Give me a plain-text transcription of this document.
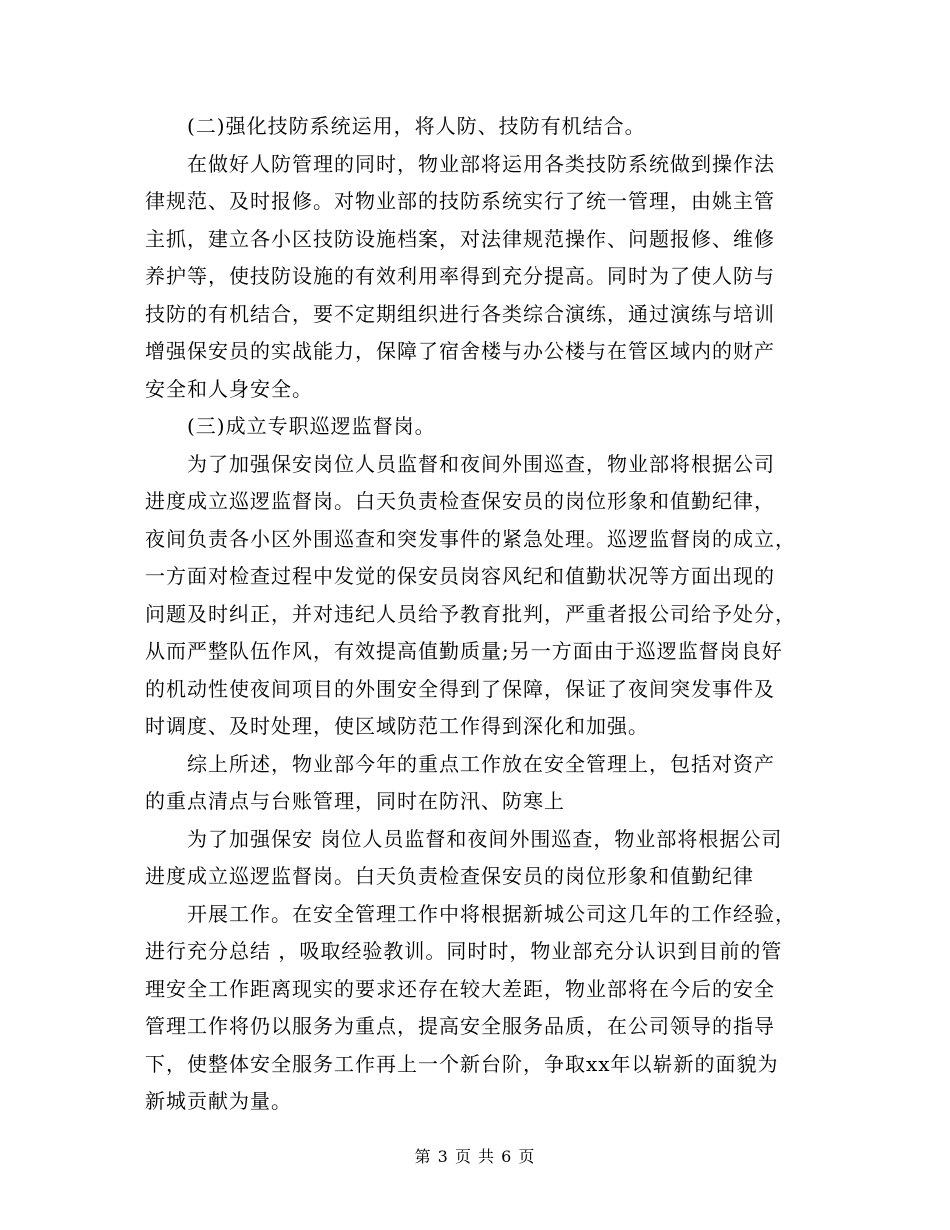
(二)强化技防系统运用，将人防、技防有机结合。
在做好人防管理的同时，物业部将运用各类技防系统做到操作法
律规范、及时报修。对物业部的技防系统实行了统一管理，由姚主管
主抓，建立各小区技防设施档案，对法律规范操作、问题报修、维修
养护等，使技防设施的有效利用率得到充分提高。同时为了使人防与
技防的有机结合，要不定期组织进行各类综合演练，通过演练与培训
增强保安员的实战能力，保障了宿舍楼与办公楼与在管区域内的财产
安全和人身安全。
(三)成立专职巡逻监督岗。
为了加强保安岗位人员监督和夜间外围巡查，物业部将根据公司
进度成立巡逻监督岗。白天负责检查保安员的岗位形象和值勤纪律，
夜间负责各小区外围巡查和突发事件的紧急处理。巡逻监督岗的成立，
一方面对检查过程中发觉的保安员岗容风纪和值勤状况等方面出现的
问题及时纠正，并对违纪人员给予教育批判，严重者报公司给予处分，
从而严整队伍作风，有效提高值勤质量;另一方面由于巡逻监督岗良好
的机动性使夜间项目的外围安全得到了保障，保证了夜间突发事件及
时调度、及时处理，使区域防范工作得到深化和加强。
综上所述，物业部今年的重点工作放在安全管理上，包括对资产
的重点清点与台账管理，同时在防汛、防寒上
为了加强保安 岗位人员监督和夜间外围巡查，物业部将根据公司
进度成立巡逻监督岗。白天负责检查保安员的岗位形象和值勤纪律
开展工作。在安全管理工作中将根据新城公司这几年的工作经验，
进行充分总结 ，吸取经验教训。同时时，物业部充分认识到目前的管
理安全工作距离现实的要求还存在较大差距，物业部将在今后的安全
管理工作将仍以服务为重点，提高安全服务品质，在公司领导的指导
下，使整体安全服务工作再上一个新台阶，争取xx年以崭新的面貌为
新城贡献为量。
第 3 页 共 6 页
